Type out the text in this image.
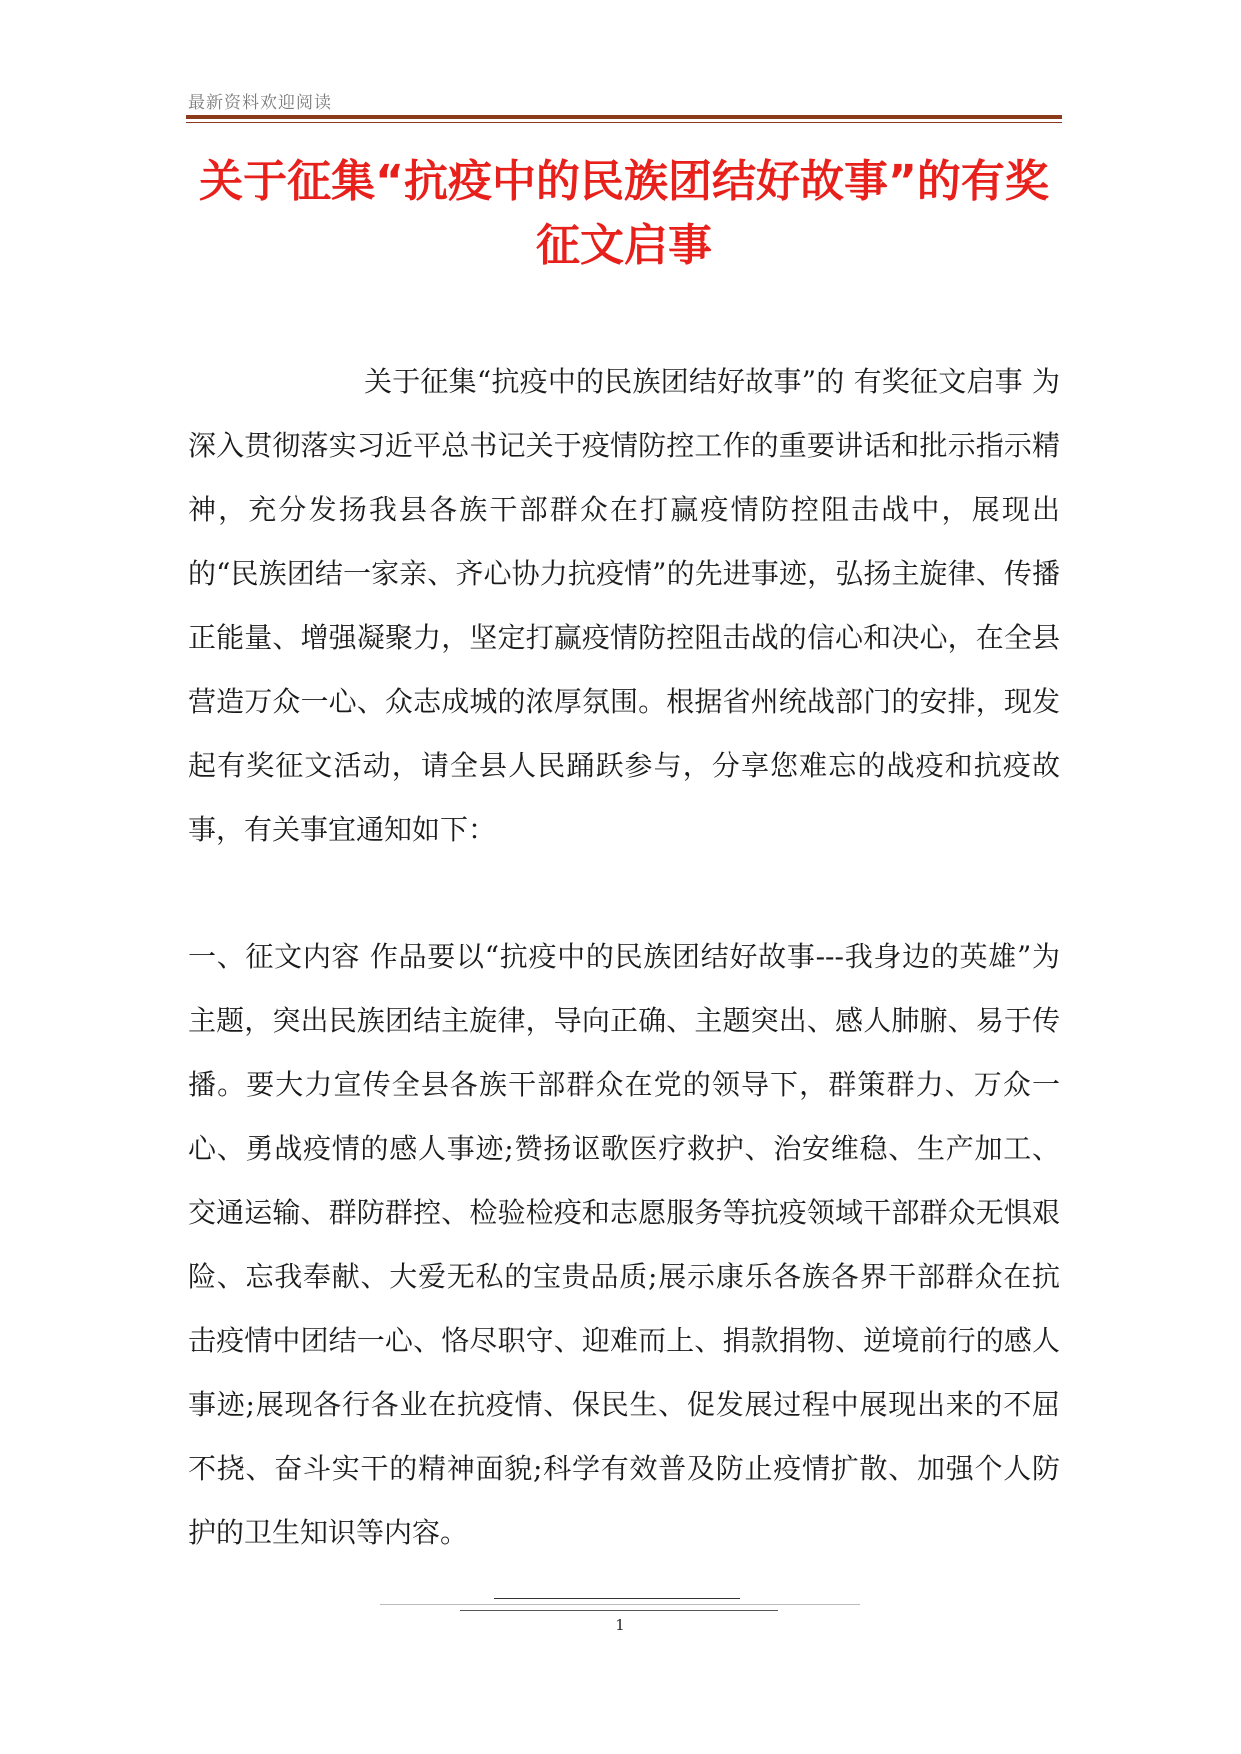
最新资料欢迎阅读
关于征集“抗疫中的民族团结好故事”的有奖征文启事

关于征集“抗疫中的民族团结好故事”的 有奖征文启事 为深入贯彻落实习近平总书记关于疫情防控工作的重要讲话和批示指示精神，充分发扬我县各族干部群众在打赢疫情防控阻击战中，展现出的“民族团结一家亲、齐心协力抗疫情”的先进事迹，弘扬主旋律、传播正能量、增强凝聚力，坚定打赢疫情防控阻击战的信心和决心，在全县营造万众一心、众志成城的浓厚氛围。根据省州统战部门的安排，现发起有奖征文活动，请全县人民踊跃参与，分享您难忘的战疫和抗疫故事，有关事宜通知如下：

一、征文内容 作品要以“抗疫中的民族团结好故事---我身边的英雄”为主题，突出民族团结主旋律，导向正确、主题突出、感人肺腑、易于传播。要大力宣传全县各族干部群众在党的领导下，群策群力、万众一心、勇战疫情的感人事迹;赞扬讴歌医疗救护、治安维稳、生产加工、交通运输、群防群控、检验检疫和志愿服务等抗疫领域干部群众无惧艰险、忘我奉献、大爱无私的宝贵品质;展示康乐各族各界干部群众在抗击疫情中团结一心、恪尽职守、迎难而上、捐款捐物、逆境前行的感人事迹;展现各行各业在抗疫情、保民生、促发展过程中展现出来的不屈不挠、奋斗实干的精神面貌;科学有效普及防止疫情扩散、加强个人防护的卫生知识等内容。

1
